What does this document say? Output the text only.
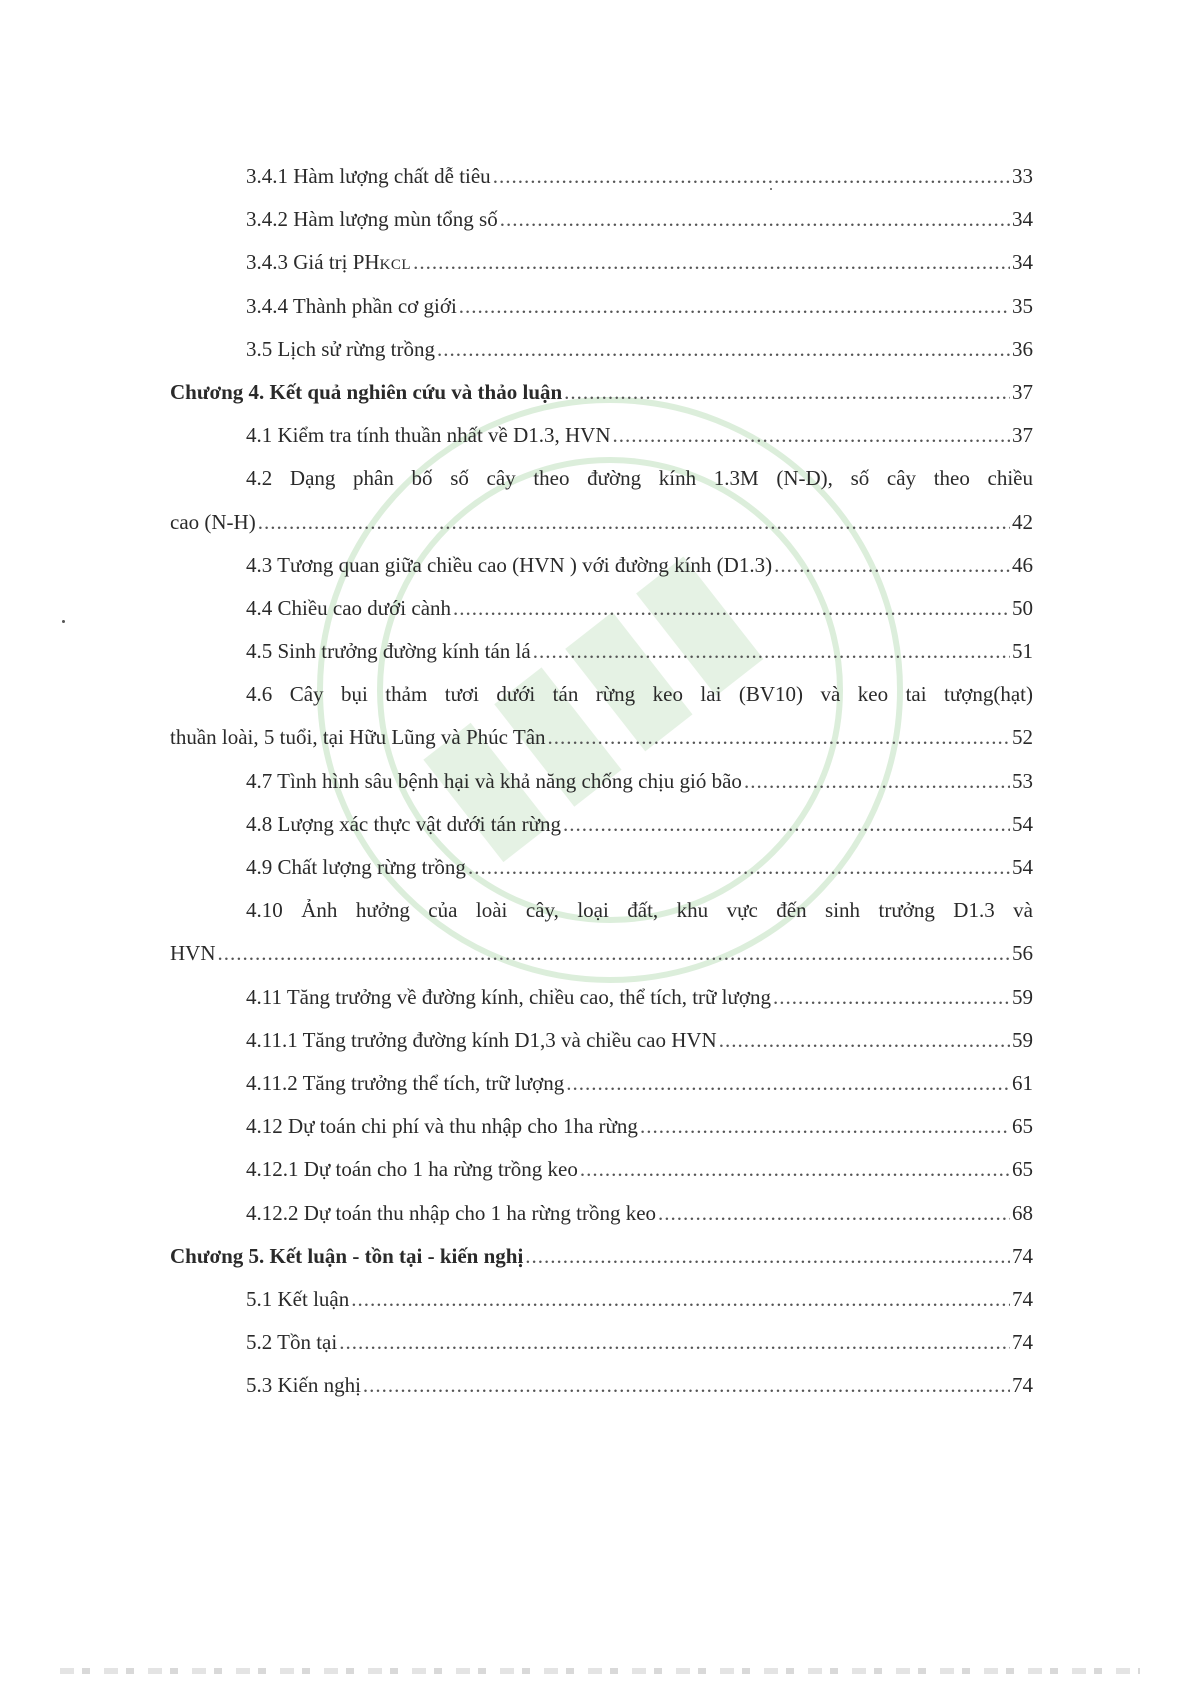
3.4.1 Hàm lượng chất dễ tiêu .....	33
3.4.2 Hàm lượng mùn tổng số .....	34
3.4.3 Giá trị PHKCL .....	34
3.4.4 Thành phần cơ giới .....	35
3.5 Lịch sử rừng trồng .....	36
Chương 4. Kết quả nghiên cứu và thảo luận .....	37
4.1 Kiểm tra tính thuần nhất về D1.3, HVN .....	37
4.2 Dạng phân bố số cây theo đường kính 1.3M (N-D), số cây theo chiều
cao (N-H) .....	42
4.3 Tương quan giữa chiều cao (HVN ) với đường kính (D1.3) .....	46
4.4 Chiều cao dưới cành .....	50
4.5 Sinh trưởng đường kính tán lá .....	51
4.6 Cây bụi thảm tươi dưới tán rừng keo lai (BV10) và keo tai tượng(hạt)
thuần loài, 5 tuổi, tại Hữu Lũng và Phúc Tân .....	52
4.7 Tình hình sâu bệnh hại và khả năng chống chịu gió bão .....	53
4.8 Lượng xác thực vật dưới tán rừng .....	54
4.9 Chất lượng rừng trồng .....	54
4.10 Ảnh hưởng của loài cây, loại đất, khu vực đến sinh trưởng D1.3 và
HVN .....	56
4.11 Tăng trưởng về đường kính, chiều cao, thể tích, trữ lượng .....	59
4.11.1 Tăng trưởng đường kính D1,3 và chiều cao HVN .....	59
4.11.2 Tăng trưởng thể tích, trữ lượng .....	61
4.12 Dự toán chi phí và thu nhập cho 1ha rừng .....	65
4.12.1 Dự toán cho 1 ha rừng trồng keo .....	65
4.12.2 Dự toán thu nhập cho 1 ha rừng trồng keo .....	68
Chương 5. Kết luận - tồn tại - kiến nghị .....	74
5.1 Kết luận .....	74
5.2 Tồn tại .....	74
5.3 Kiến nghị .....	74
